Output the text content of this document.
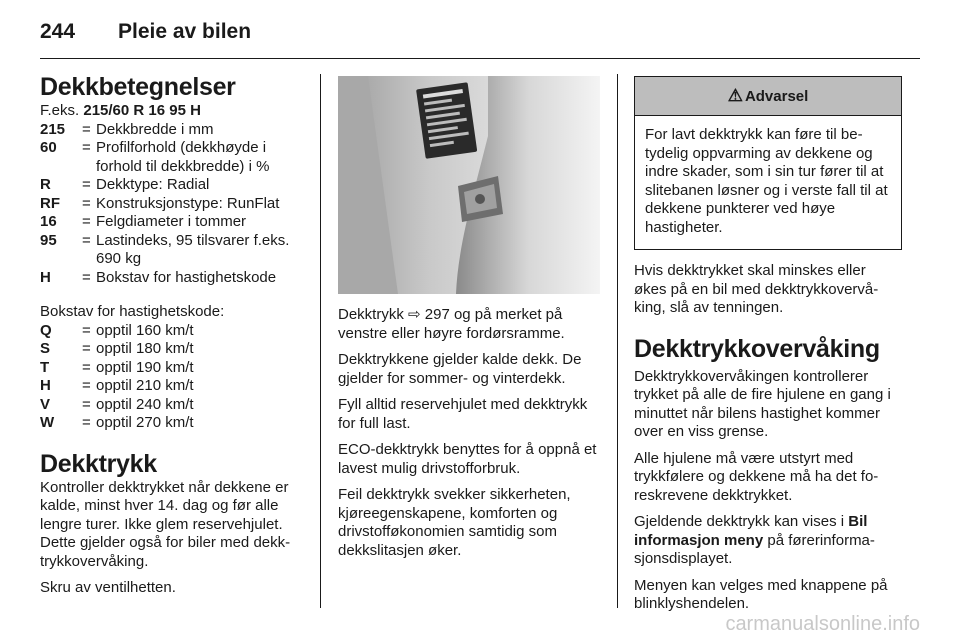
244	Pleie av bilen
Dekkbetegnelser

F.eks. 215/60 R 16 95 H

215	= Dekkbredde i mm
60	= Profilforhold (dekkhøyde i forhold til dekkbredde) i %
R	= Dekktype: Radial
RF	= Konstruksjonstype: RunFlat
16	= Felgdiameter i tommer
95	= Lastindeks, 95 tilsvarer f.eks. 690 kg
H	= Bokstav for hastighetskode

Bokstav for hastighetskode:

Q	= opptil 160 km/t
S	= opptil 180 km/t
T	= opptil 190 km/t
H	= opptil 210 km/t
V	= opptil 240 km/t
W	= opptil 270 km/t
Dekktrykk

Kontroller dekktrykket når dekkene er kalde, minst hver 14. dag og før alle lengre turer. Ikke glem reservehjulet. Dette gjelder også for biler med dekktrykkovervåking.

Skru av ventilhetten.

Dekktrykk ⇨ 297 og på merket på venstre eller høyre fordørsramme.

Dekktrykkene gjelder kalde dekk. De gjelder for sommer- og vinterdekk.

Fyll alltid reservehjulet med dekktrykk for full last.

ECO-dekktrykk benyttes for å oppnå et lavest mulig drivstofforbruk.

Feil dekktrykk svekker sikkerheten, kjøreegenskapene, komforten og drivstofføkonomien samtidig som dekkslitasjen øker.

⚠ Advarsel
For lavt dekktrykk kan føre til betydelig oppvarming av dekkene og indre skader, som i sin tur fører til at slitebanen løsner og i verste fall til at dekkene punkterer ved høye hastigheter.

Hvis dekktrykket skal minskes eller økes på en bil med dekktrykkovervåking, slå av tenningen.

Dekktrykkovervåking

Dekktrykkovervåkingen kontrollerer trykket på alle de fire hjulene en gang i minuttet når bilens hastighet kommer over en viss grense.

Alle hjulene må være utstyrt med trykkfølere og dekkene må ha det foreskrevene dekktrykket.

Gjeldende dekktrykk kan vises i Bil informasjon meny på førerinformasjonsdisplayet.

Menyen kan velges med knappene på blinklyshendelen.

carmanualsonline.info
